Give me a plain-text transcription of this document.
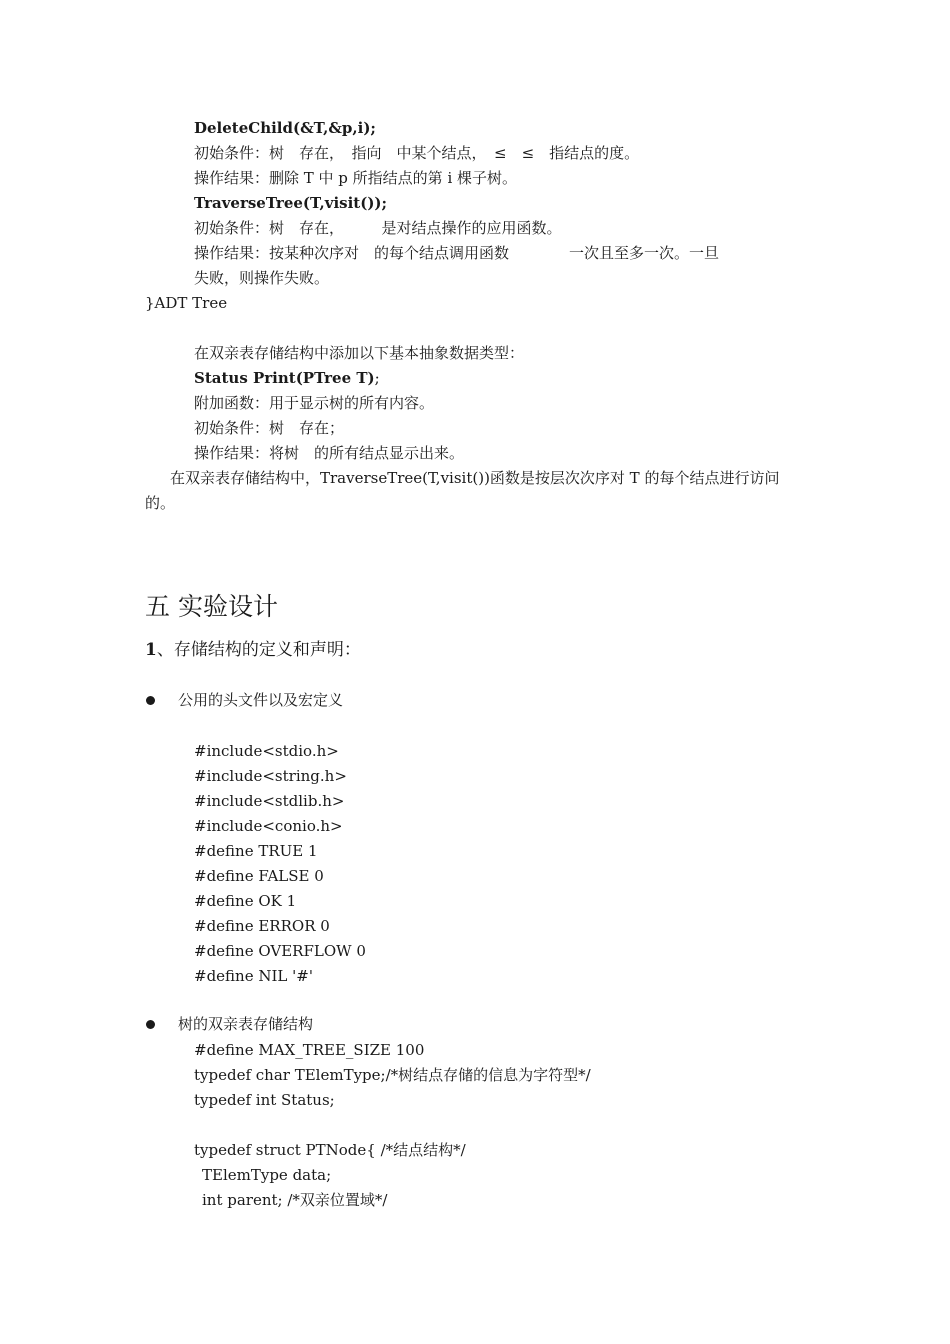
DeleteChild(&T,&p,i);
初始条件：树　存在，　指向　中某个结点，　≤　≤　指结点的度。
操作结果：删除 T 中 p 所指结点的第 i 棵子树。
TraverseTree(T,visit());
初始条件：树　存在，　　　是对结点操作的应用函数。
操作结果：按某种次序对　的每个结点调用函数　　　　一次且至多一次。一旦
失败，则操作失败。
}ADT Tree
在双亲表存储结构中添加以下基本抽象数据类型：
Status Print(PTree T);
附加函数：用于显示树的所有内容。
初始条件：树　存在；
操作结果：将树　的所有结点显示出来。
在双亲表存储结构中，TraverseTree(T,visit())函数是按层次次序对 T 的每个结点进行访问
的。
五 实验设计
1、存储结构的定义和声明：
公用的头文件以及宏定义
#include<stdio.h>
#include<string.h>
#include<stdlib.h>
#include<conio.h>
#define TRUE 1
#define FALSE 0
#define OK 1
#define ERROR 0
#define OVERFLOW 0
#define NIL '#'
树的双亲表存储结构
#define MAX_TREE_SIZE 100
typedef char TElemType;/*树结点存储的信息为字符型*/
typedef int Status;
typedef struct PTNode{ /*结点结构*/
TElemType data;
int parent; /*双亲位置域*/
